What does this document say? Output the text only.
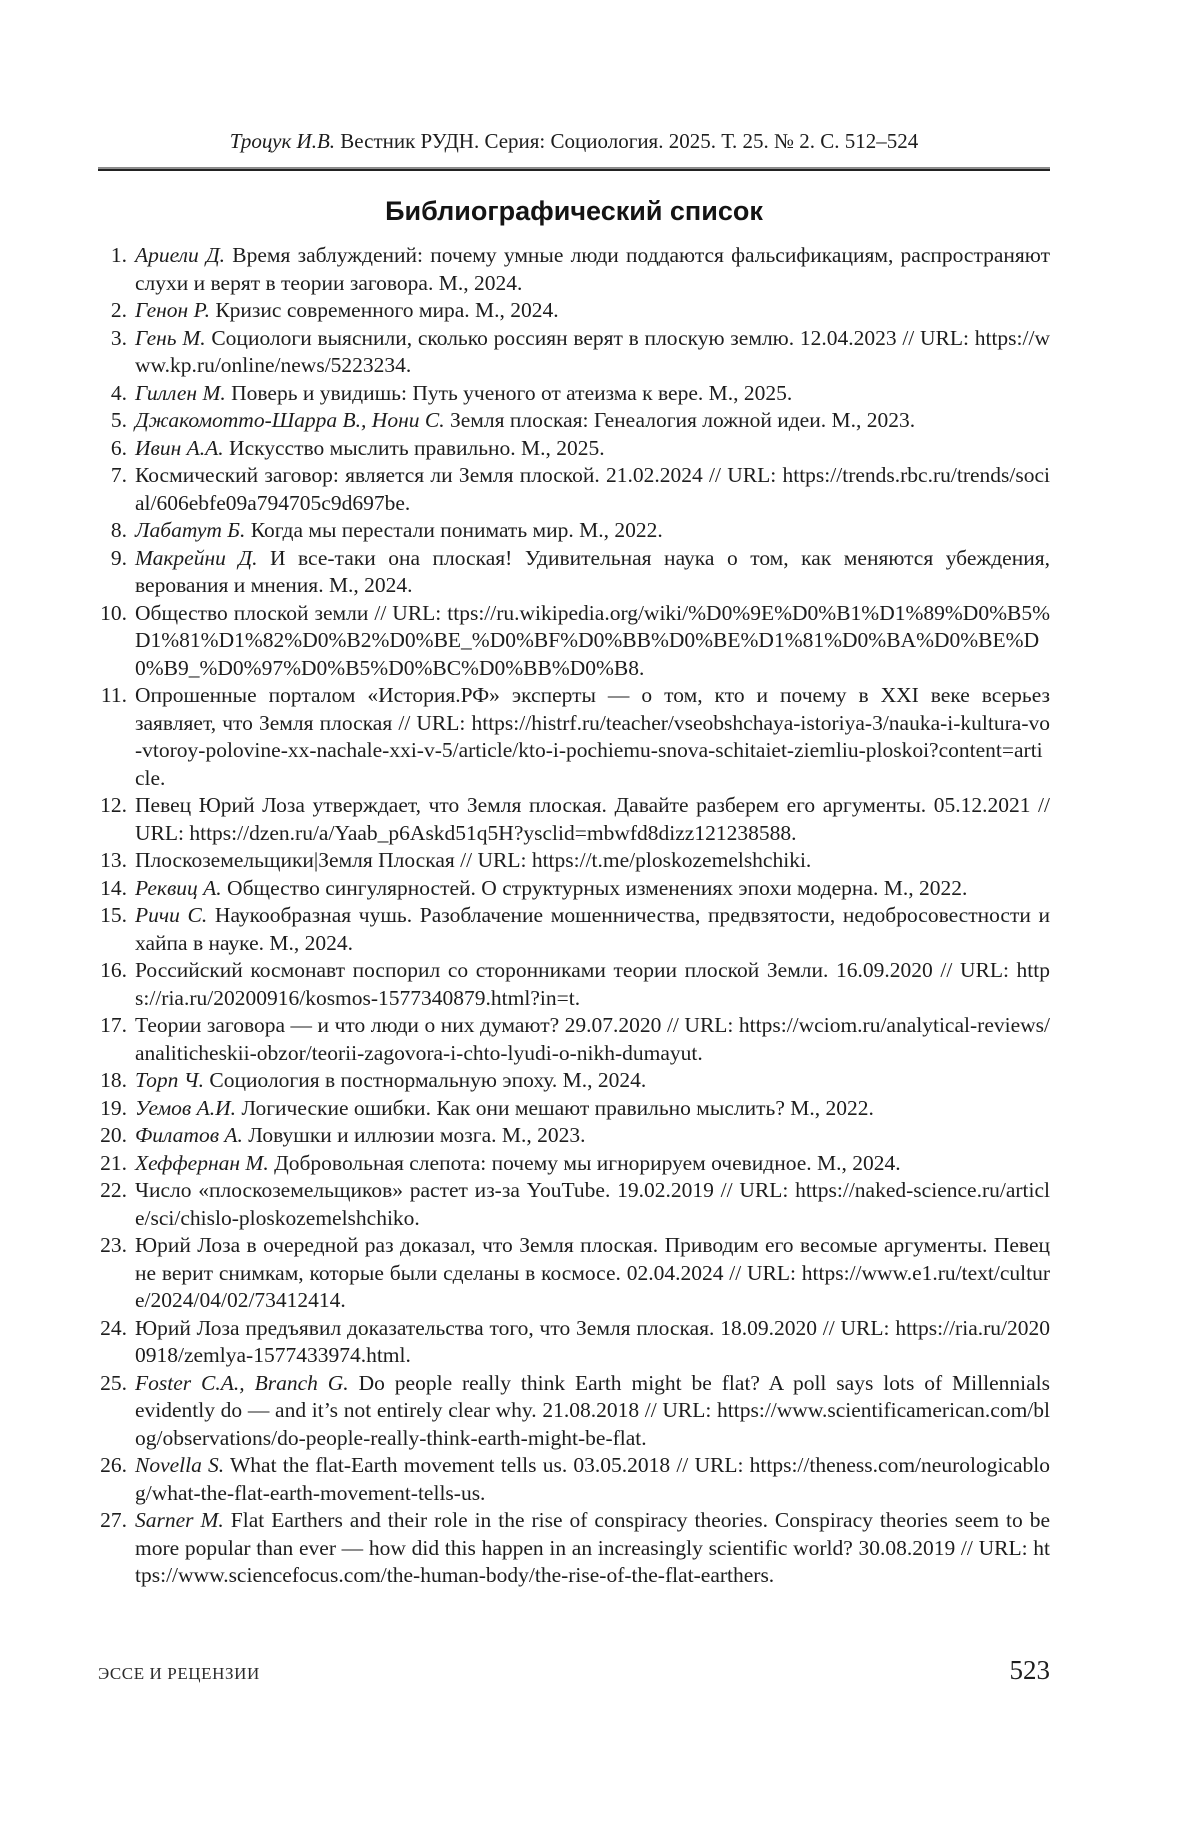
Троцук И.В. Вестник РУДН. Серия: Социология. 2025. Т. 25. № 2. С. 512–524
Библиографический список
1. Ариели Д. Время заблуждений: почему умные люди поддаются фальсификациям, распространяют слухи и верят в теории заговора. М., 2024.
2. Генон Р. Кризис современного мира. М., 2024.
3. Гень М. Социологи выяснили, сколько россиян верят в плоскую землю. 12.04.2023 // URL: https://www.kp.ru/online/news/5223234.
4. Гиллен М. Поверь и увидишь: Путь ученого от атеизма к вере. М., 2025.
5. Джакомотто-Шарра В., Нони С. Земля плоская: Генеалогия ложной идеи. М., 2023.
6. Ивин А.А. Искусство мыслить правильно. М., 2025.
7. Космический заговор: является ли Земля плоской. 21.02.2024 // URL: https://trends.rbc.ru/trends/social/606ebfe09a794705c9d697be.
8. Лабатут Б. Когда мы перестали понимать мир. М., 2022.
9. Макрейни Д. И все-таки она плоская! Удивительная наука о том, как меняются убеждения, верования и мнения. М., 2024.
10. Общество плоской земли // URL: ttps://ru.wikipedia.org/wiki/%D0%9E%D0%B1%D1%89%D0%B5%D1%81%D1%82%D0%B2%D0%BE_%D0%BF%D0%BB%D0%BE%D1%81%D0%BA%D0%BE%D0%B9_%D0%97%D0%B5%D0%BC%D0%BB%D0%B8.
11. Опрошенные порталом «История.РФ» эксперты — о том, кто и почему в XXI веке всерьез заявляет, что Земля плоская // URL: https://histrf.ru/teacher/vseobshchaya-istoriya-3/nauka-i-kultura-vo-vtoroy-polovine-xx-nachale-xxi-v-5/article/kto-i-pochiemu-snova-schitaiet-ziemliu-ploskoi?content=article.
12. Певец Юрий Лоза утверждает, что Земля плоская. Давайте разберем его аргументы. 05.12.2021 // URL: https://dzen.ru/a/Yaab_p6Askd51q5H?ysclid=mbwfd8dizz121238588.
13. Плоскоземельщики|Земля Плоская // URL: https://t.me/ploskozemelshchiki.
14. Реквиц А. Общество сингулярностей. О структурных изменениях эпохи модерна. М., 2022.
15. Ричи С. Наукообразная чушь. Разоблачение мошенничества, предвзятости, недобросовестности и хайпа в науке. М., 2024.
16. Российский космонавт поспорил со сторонниками теории плоской Земли. 16.09.2020 // URL: https://ria.ru/20200916/kosmos-1577340879.html?in=t.
17. Теории заговора — и что люди о них думают? 29.07.2020 // URL: https://wciom.ru/analytical-reviews/analiticheskii-obzor/teorii-zagovora-i-chto-lyudi-o-nikh-dumayut.
18. Торп Ч. Социология в постнормальную эпоху. М., 2024.
19. Уемов А.И. Логические ошибки. Как они мешают правильно мыслить? М., 2022.
20. Филатов А. Ловушки и иллюзии мозга. М., 2023.
21. Хеффернан М. Добровольная слепота: почему мы игнорируем очевидное. М., 2024.
22. Число «плоскоземельщиков» растет из-за YouTube. 19.02.2019 // URL: https://naked-science.ru/article/sci/chislo-ploskozemelshchiko.
23. Юрий Лоза в очередной раз доказал, что Земля плоская. Приводим его весомые аргументы. Певец не верит снимкам, которые были сделаны в космосе. 02.04.2024 // URL: https://www.e1.ru/text/culture/2024/04/02/73412414.
24. Юрий Лоза предъявил доказательства того, что Земля плоская. 18.09.2020 // URL: https://ria.ru/20200918/zemlya-1577433974.html.
25. Foster C.A., Branch G. Do people really think Earth might be flat? A poll says lots of Millennials evidently do — and it’s not entirely clear why. 21.08.2018 // URL: https://www.scientificamerican.com/blog/observations/do-people-really-think-earth-might-be-flat.
26. Novella S. What the flat-Earth movement tells us. 03.05.2018 // URL: https://theness.com/neurologicablog/what-the-flat-earth-movement-tells-us.
27. Sarner M. Flat Earthers and their role in the rise of conspiracy theories. Conspiracy theories seem to be more popular than ever — how did this happen in an increasingly scientific world? 30.08.2019 // URL: https://www.sciencefocus.com/the-human-body/the-rise-of-the-flat-earthers.
ЭССЕ И РЕЦЕНЗИИ	523
